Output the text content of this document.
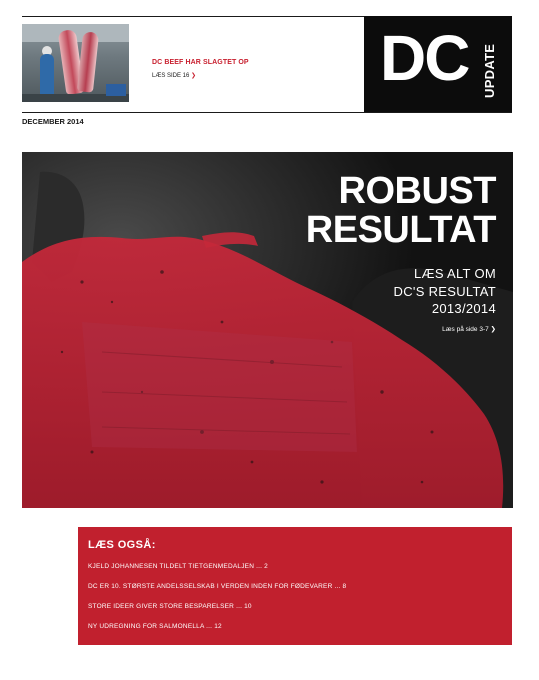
DC BEEF HAR SLAGTET OP
LÆS SIDE 16 ❯	DC UPDATE
DECEMBER 2014
ROBUST
RESULTAT
LÆS ALT OM
DC'S RESULTAT
2013/2014
Læs på side 3-7 ❯
LÆS OGSÅ:
KJELD JOHANNESEN TILDELT TIETGENMEDALJEN ... 2
DC ER 10. STØRSTE ANDELSSELSKAB I VERDEN INDEN FOR FØDEVARER ... 8
STORE IDEER GIVER STORE BESPARELSER ... 10
NY UDREGNING FOR SALMONELLA ... 12
